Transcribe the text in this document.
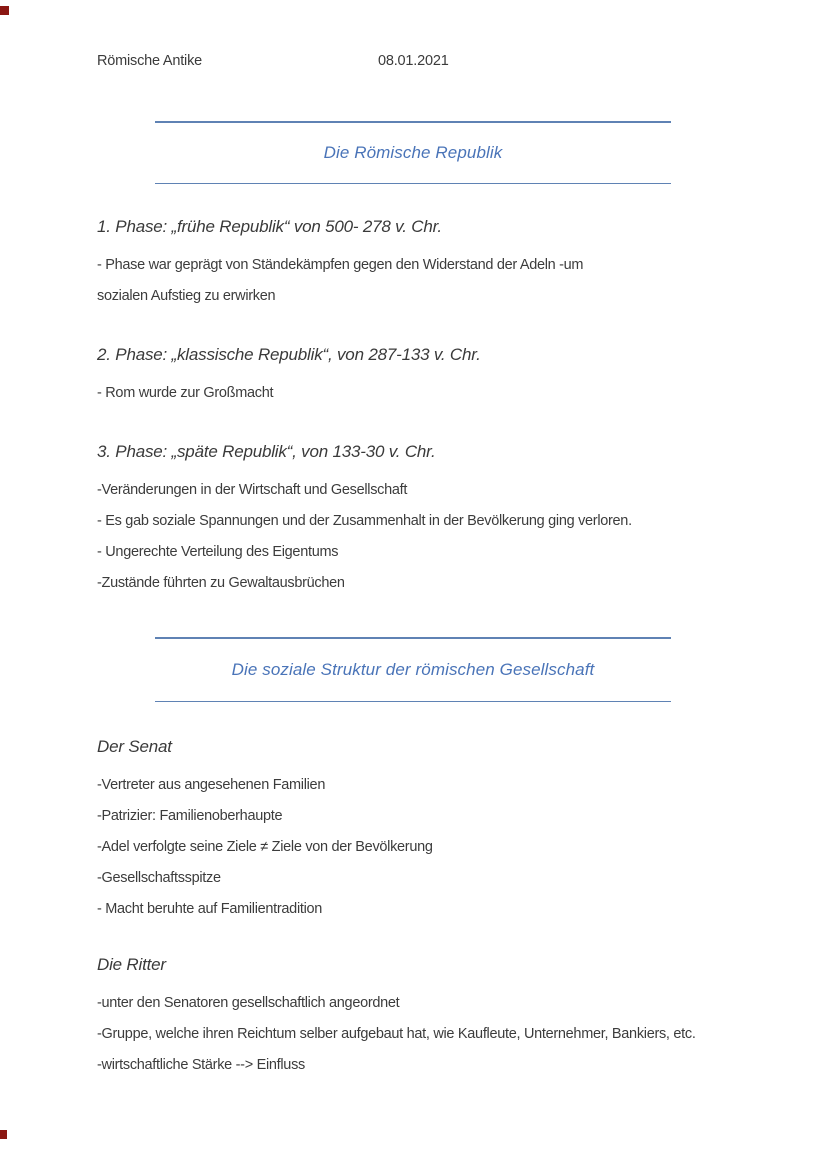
Römische Antike	08.01.2021
Die Römische Republik
1. Phase: „frühe Republik“ von 500- 278 v. Chr.
- Phase war geprägt von Ständekämpfen gegen den Widerstand der Adeln -um
sozialen Aufstieg zu erwirken
2. Phase: „klassische Republik“, von 287-133 v. Chr.
- Rom wurde zur Großmacht
3. Phase: „späte Republik“, von 133-30 v. Chr.
-Veränderungen in der Wirtschaft und Gesellschaft
- Es gab soziale Spannungen und der Zusammenhalt in der Bevölkerung ging verloren.
- Ungerechte Verteilung des Eigentums
-Zustände führten zu Gewaltausbrüchen
Die soziale Struktur der römischen Gesellschaft
Der Senat
-Vertreter aus angesehenen Familien
-Patrizier: Familienoberhaupte
-Adel verfolgte seine Ziele ≠ Ziele von der Bevölkerung
-Gesellschaftsspitze
- Macht beruhte auf Familientradition
Die Ritter
-unter den Senatoren gesellschaftlich angeordnet
-Gruppe, welche ihren Reichtum selber aufgebaut hat, wie Kaufleute, Unternehmer, Bankiers, etc.
-wirtschaftliche Stärke --> Einfluss
